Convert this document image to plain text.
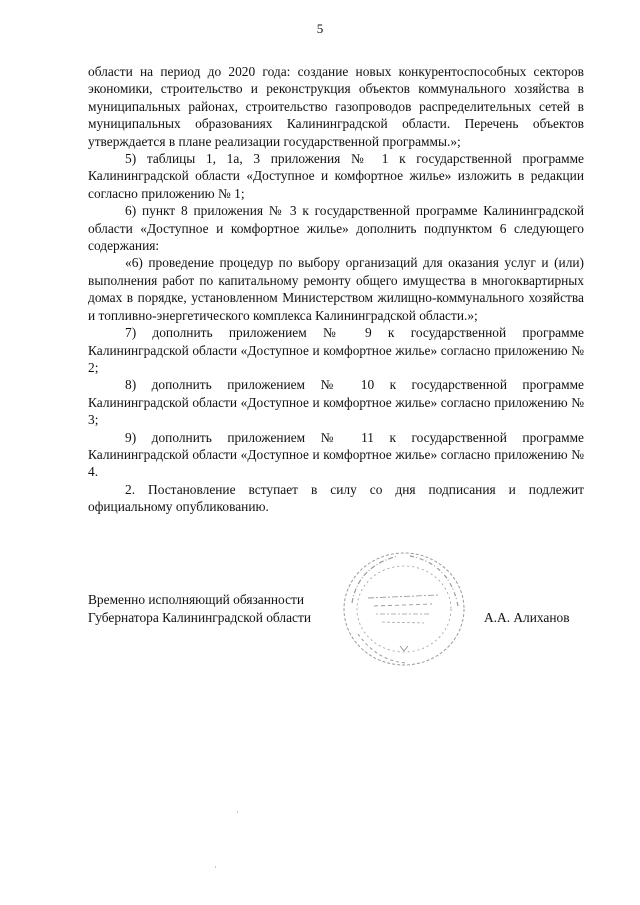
5

области на период до 2020 года: создание новых конкурентоспособных секторов экономики, строительство и реконструкция объектов коммунального хозяйства в муниципальных районах, строительство газопроводов распределительных сетей в муниципальных образованиях Калининградской области. Перечень объектов утверждается в плане реализации государственной программы.»;

5) таблицы 1, 1а, 3 приложения № 1 к государственной программе Калининградской области «Доступное и комфортное жилье» изложить в редакции согласно приложению № 1;

6) пункт 8 приложения № 3 к государственной программе Калининградской области «Доступное и комфортное жилье» дополнить подпунктом 6 следующего содержания:

«6) проведение процедур по выбору организаций для оказания услуг и (или) выполнения работ по капитальному ремонту общего имущества в многоквартирных домах в порядке, установленном Министерством жилищно-коммунального хозяйства и топливно-энергетического комплекса Калининградской области.»;

7) дополнить приложением № 9 к государственной программе Калининградской области «Доступное и комфортное жилье» согласно приложению № 2;

8) дополнить приложением № 10 к государственной программе Калининградской области «Доступное и комфортное жилье» согласно приложению № 3;

9) дополнить приложением № 11 к государственной программе Калининградской области «Доступное и комфортное жилье» согласно приложению № 4.

2. Постановление вступает в силу со дня подписания и подлежит официальному опубликованию.

Временно исполняющий обязанности
Губернатора Калининградской области	А.А. Алиханов
